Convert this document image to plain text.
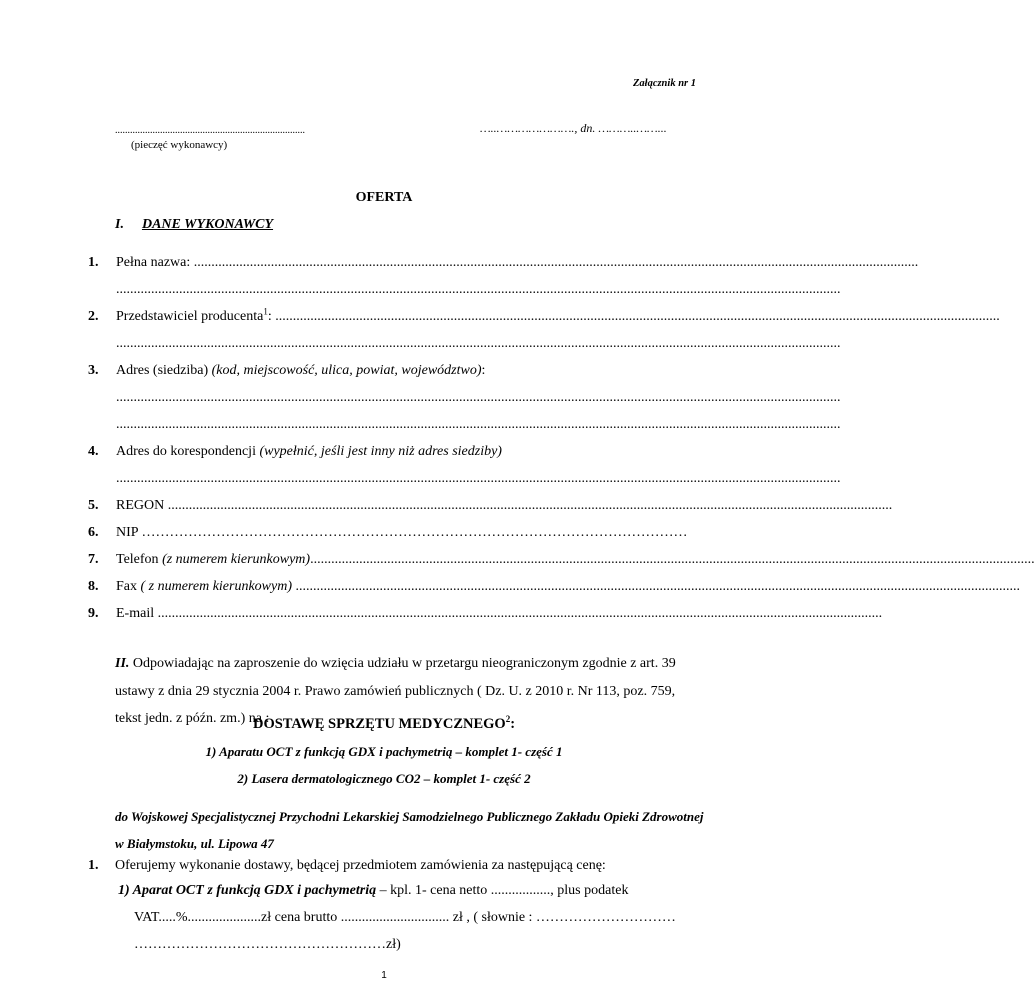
Załącznik nr 1
............................................................................
(pieczęć wykonawcy)
…..…………………., dn. ………..……...
OFERTA
I. DANE WYKONAWCY
1. Pełna nazwa: ...............................................................................................................................................................................................................
...............................................................................................................................................................................................................
2. Przedstawiciel producenta$^1$: ...............................................................................................................................................................................................................
...............................................................................................................................................................................................................
3. Adres (siedziba) (kod, miejscowość, ulica, powiat, województwo):
...............................................................................................................................................................................................................
...............................................................................................................................................................................................................
4. Adres do korespondencji (wypełnić, jeśli jest inny niż adres siedziby)
...............................................................................................................................................................................................................
5. REGON ...............................................................................................................................................................................................................
6. NIP ………………………………………………………………………………………………………
7. Telefon (z numerem kierunkowym)...............................................................................................................................................................................................................
8. Fax ( z numerem kierunkowym) ...............................................................................................................................................................................................................
9. E-mail ...............................................................................................................................................................................................................
II. Odpowiadając na zaproszenie do wzięcia udziału w przetargu nieograniczonym zgodnie z art. 39 ustawy z dnia 29 stycznia 2004 r. Prawo zamówień publicznych ( Dz. U. z 2010 r. Nr 113, poz. 759, tekst jedn. z późn. zm.) na :
DOSTAWĘ SPRZĘTU MEDYCZNEGO$^2$:
1) Aparatu OCT z funkcją GDX i pachymetrią – komplet 1- część 1
2) Lasera dermatologicznego CO2 – komplet 1- część 2
do Wojskowej Specjalistycznej Przychodni Lekarskiej Samodzielnego Publicznego Zakładu Opieki Zdrowotnej w Białymstoku, ul. Lipowa 47
1. Oferujemy wykonanie dostawy, będącej przedmiotem zamówienia za następującą cenę:
1) Aparat OCT z funkcją GDX i pachymetrią – kpl. 1- cena netto ................., plus podatek
VAT.....%.....................zł cena brutto ............................... zł , ( słownie : …………………………
………………………………………………zł)
1
